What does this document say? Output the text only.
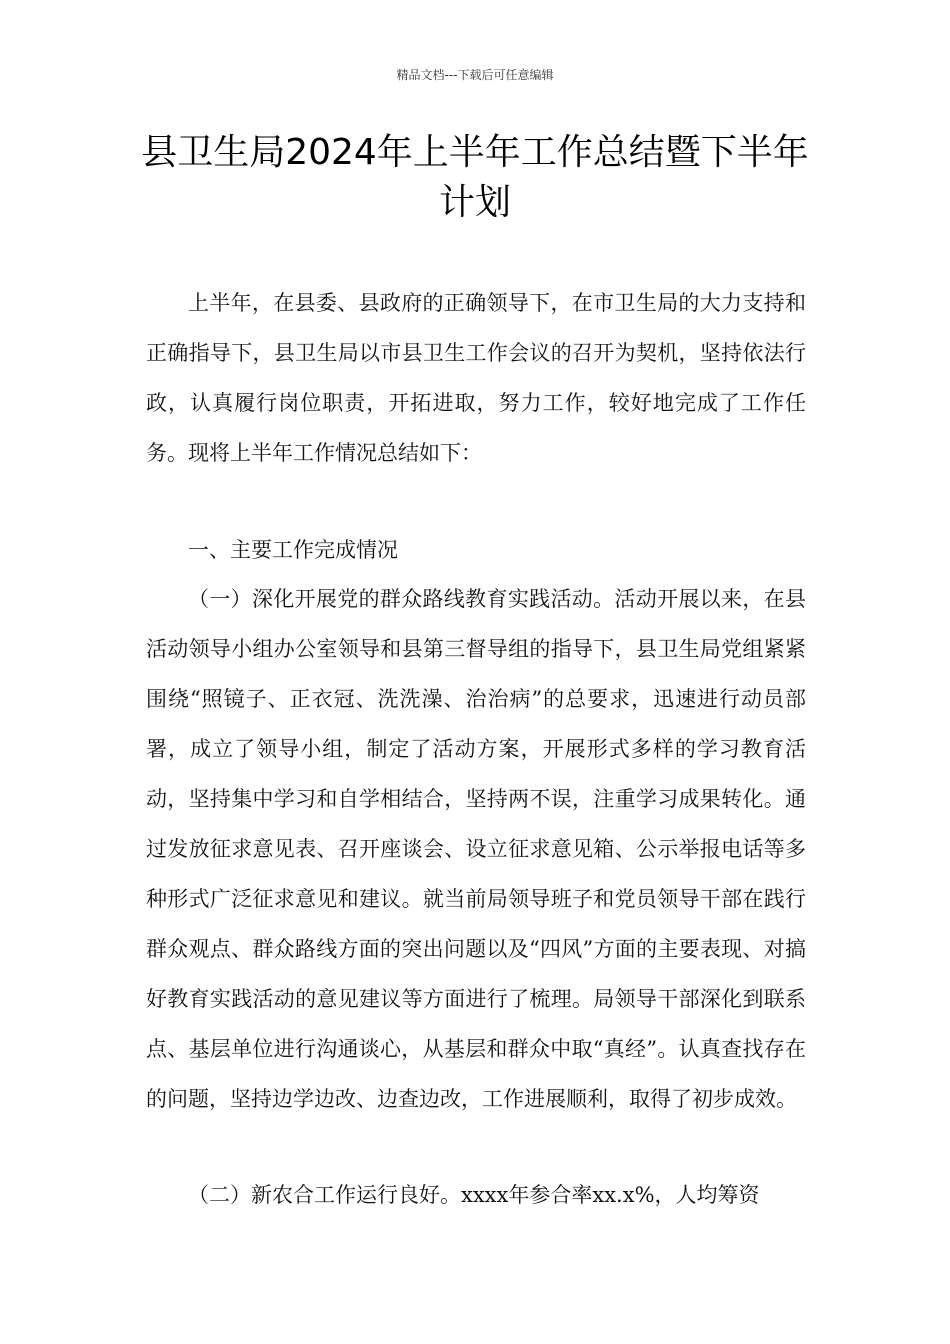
精品文档---下载后可任意编辑
县卫生局2024年上半年工作总结暨下半年计划

上半年，在县委、县政府的正确领导下，在市卫生局的大力支持和正确指导下，县卫生局以市县卫生工作会议的召开为契机，坚持依法行政，认真履行岗位职责，开拓进取，努力工作，较好地完成了工作任务。现将上半年工作情况总结如下：

一、主要工作完成情况

（一）深化开展党的群众路线教育实践活动。活动开展以来，在县活动领导小组办公室领导和县第三督导组的指导下，县卫生局党组紧紧围绕“照镜子、正衣冠、洗洗澡、治治病”的总要求，迅速进行动员部署，成立了领导小组，制定了活动方案，开展形式多样的学习教育活动，坚持集中学习和自学相结合，坚持两不误，注重学习成果转化。通过发放征求意见表、召开座谈会、设立征求意见箱、公示举报电话等多种形式广泛征求意见和建议。就当前局领导班子和党员领导干部在践行群众观点、群众路线方面的突出问题以及“四风”方面的主要表现、对搞好教育实践活动的意见建议等方面进行了梳理。局领导干部深化到联系点、基层单位进行沟通谈心，从基层和群众中取“真经”。认真查找存在的问题，坚持边学边改、边查边改，工作进展顺利，取得了初步成效。

（二）新农合工作运行良好。xxxx年参合率xx.x%，人均筹资
